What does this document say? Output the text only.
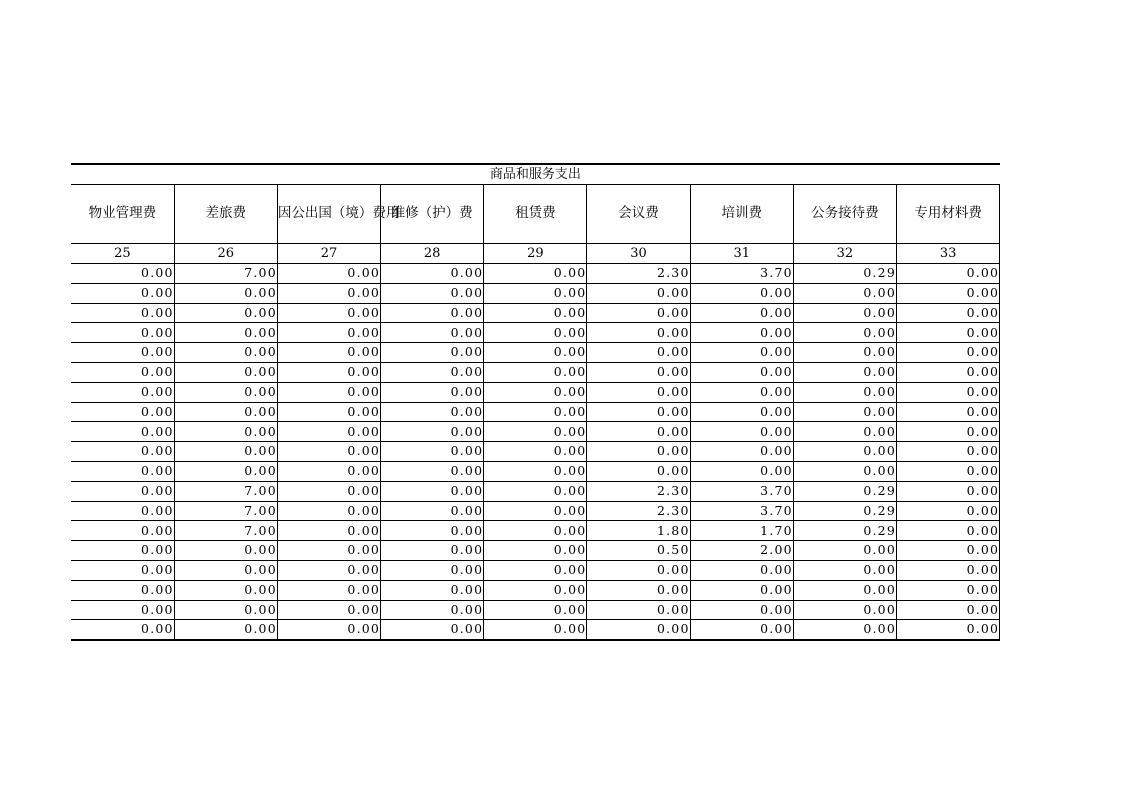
商品和服务支出								
物业管理费	差旅费	因公出国（境）费用	维修（护）费	租赁费	会议费	培训费	公务接待费	专用材料费
25	26	27	28	29	30	31	32	33
0.00	7.00	0.00	0.00	0.00	2.30	3.70	0.29	0.00
0.00	0.00	0.00	0.00	0.00	0.00	0.00	0.00	0.00
0.00	0.00	0.00	0.00	0.00	0.00	0.00	0.00	0.00
0.00	0.00	0.00	0.00	0.00	0.00	0.00	0.00	0.00
0.00	0.00	0.00	0.00	0.00	0.00	0.00	0.00	0.00
0.00	0.00	0.00	0.00	0.00	0.00	0.00	0.00	0.00
0.00	0.00	0.00	0.00	0.00	0.00	0.00	0.00	0.00
0.00	0.00	0.00	0.00	0.00	0.00	0.00	0.00	0.00
0.00	0.00	0.00	0.00	0.00	0.00	0.00	0.00	0.00
0.00	0.00	0.00	0.00	0.00	0.00	0.00	0.00	0.00
0.00	0.00	0.00	0.00	0.00	0.00	0.00	0.00	0.00
0.00	7.00	0.00	0.00	0.00	2.30	3.70	0.29	0.00
0.00	7.00	0.00	0.00	0.00	2.30	3.70	0.29	0.00
0.00	7.00	0.00	0.00	0.00	1.80	1.70	0.29	0.00
0.00	0.00	0.00	0.00	0.00	0.50	2.00	0.00	0.00
0.00	0.00	0.00	0.00	0.00	0.00	0.00	0.00	0.00
0.00	0.00	0.00	0.00	0.00	0.00	0.00	0.00	0.00
0.00	0.00	0.00	0.00	0.00	0.00	0.00	0.00	0.00
0.00	0.00	0.00	0.00	0.00	0.00	0.00	0.00	0.00
